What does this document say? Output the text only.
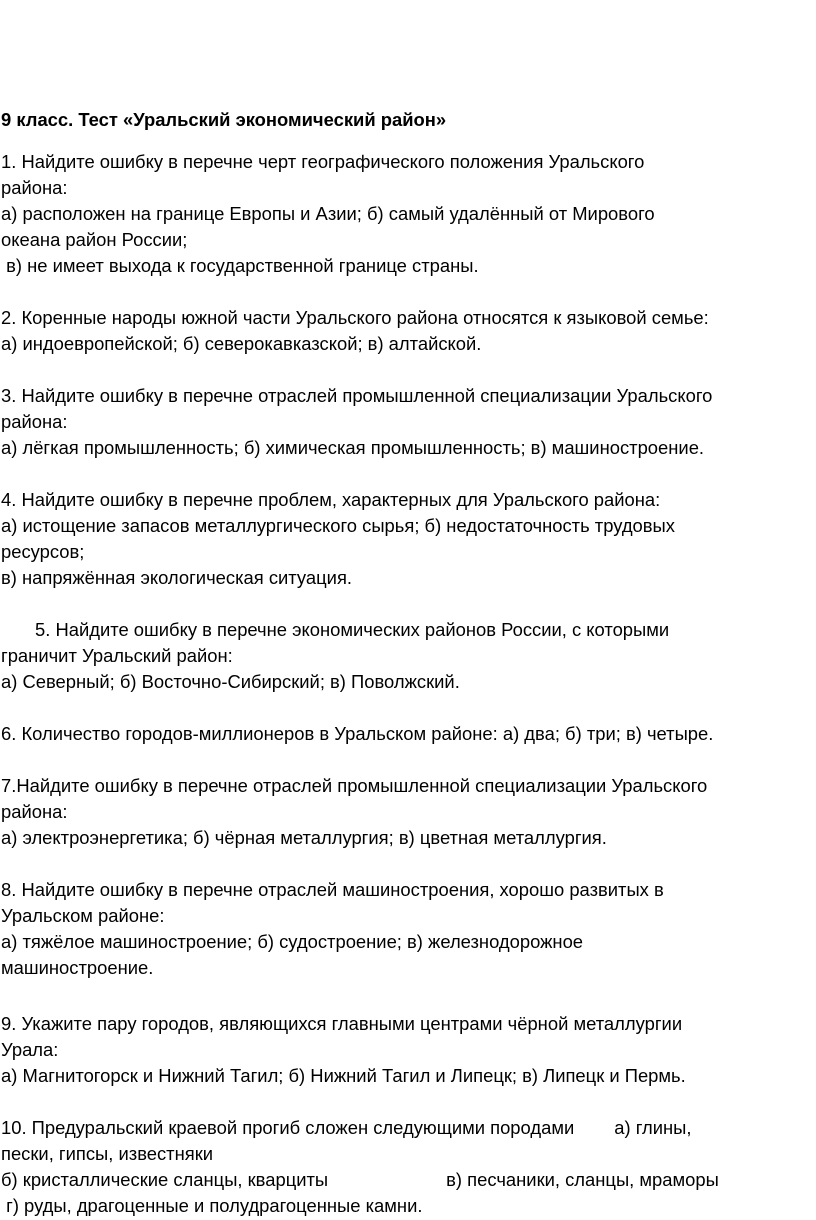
9 класс. Тест «Уральский экономический район»
1. Найдите ошибку в перечне черт географического положения Уральского
района:
а) расположен на границе Европы и Азии; б) самый удалённый от Мирового
океана район России;
в) не имеет выхода к государственной границе страны.
2. Коренные народы южной части Уральского района относятся к языковой семье:
а) индоевропейской; б) северокавказской; в) алтайской.
3. Найдите ошибку в перечне отраслей промышленной специализации Уральского
района:
а) лёгкая промышленность; б) химическая промышленность; в) машиностроение.
4. Найдите ошибку в перечне проблем, характерных для Уральского района:
а) истощение запасов металлургического сырья; б) недостаточность трудовых
ресурсов;
в) напряжённая экологическая ситуация.
5. Найдите ошибку в перечне экономических районов России, с которыми
граничит Уральский район:
а) Северный; б) Восточно-Сибирский; в) Поволжский.
6. Количество городов-миллионеров в Уральском районе: а) два; б) три; в) четыре.
7.Найдите ошибку в перечне отраслей промышленной специализации Уральского
района:
а) электроэнергетика; б) чёрная металлургия; в) цветная металлургия.
8. Найдите ошибку в перечне отраслей машиностроения, хорошо развитых в
Уральском районе:
а) тяжёлое машиностроение; б) судостроение; в) железнодорожное
машиностроение.
9. Укажите пару городов, являющихся главными центрами чёрной металлургии
Урала:
а) Магнитогорск и Нижний Тагил; б) Нижний Тагил и Липецк; в) Липецк и Пермь.
10. Предуральский краевой прогиб сложен следующими породами а) глины,
пески, гипсы, известняки
б) кристаллические сланцы, кварциты	в) песчаники, сланцы, мраморы
г) руды, драгоценные и полудрагоценные камни.
